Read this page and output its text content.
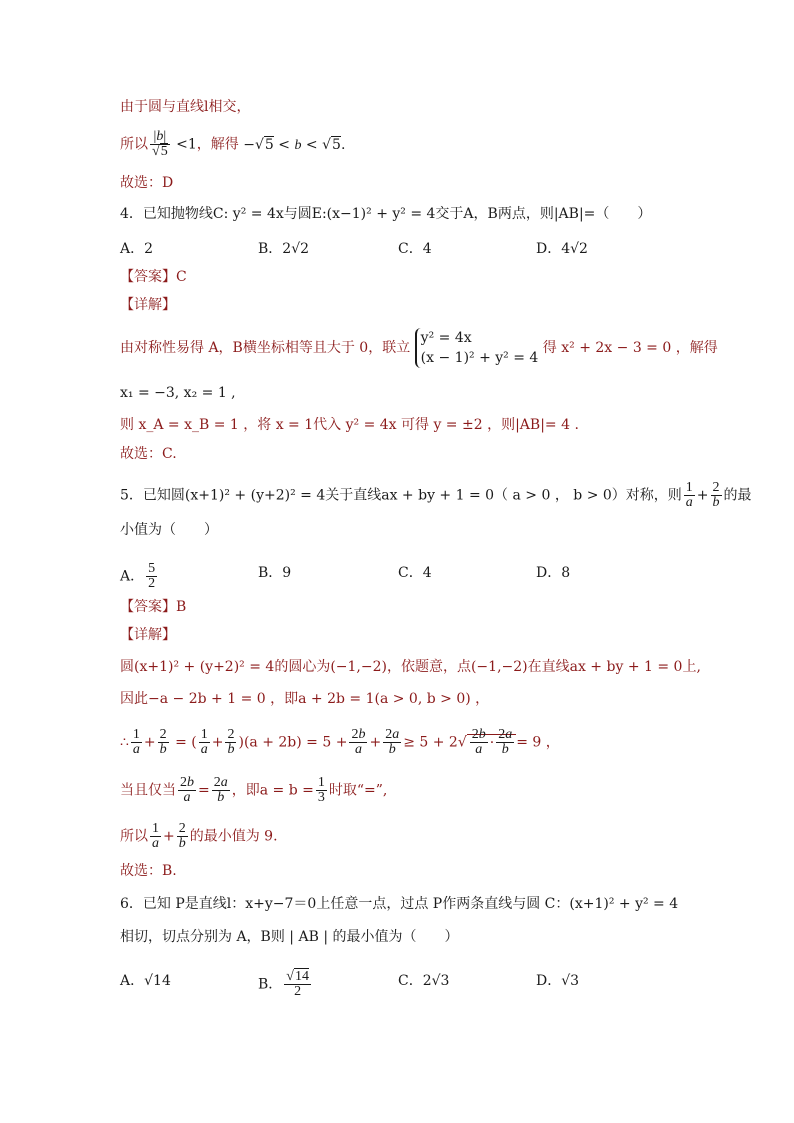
由于圆与直线l相交，
所以 $\frac{|b|}{√5} <1$，解得 −√5 < b < √5.
故选：D
4．已知抛物线C: y² = 4x与圆E:(x−1)² + y² = 4交于A，B两点，则|AB|=（　　）
A．2	B．2√2	C．4	D．4√2
【答案】C
【详解】
由对称性易得 A，B横坐标相等且大于 0，联立
y² = 4x
(x − 1)² + y² = 4
得 x² + 2x − 3 = 0 ，解得
x₁ = −3, x₂ = 1 ,
则 x_A = x_B = 1 ，将 x = 1代入 y² = 4x 可得 y = ±2 ，则|AB|= 4 .
故选：C.
5．已知圆(x+1)² + (y+2)² = 4关于直线ax + by + 1 = 0（ a > 0 ， b > 0）对称，则 $\frac{1}{a} + \frac{2}{b}$ 的最
小值为（　　）
A． $\frac{5}{2}$	B．9	C．4	D．8
【答案】B
【详解】
圆(x+1)² + (y+2)² = 4的圆心为(−1,−2)，依题意，点(−1,−2)在直线ax + by + 1 = 0上,
因此−a − 2b + 1 = 0 ，即a + 2b = 1(a > 0, b > 0) ，
∴ $\frac{1}{a} + \frac{2}{b}$ = ( $\frac{1}{a} + \frac{2}{b} )(a + 2b) = 5 + \frac{2b}{a} + \frac{2a}{b} \ge 5 + 2√ \frac{2b}{a} \cdot \frac{2a}{b} = 9$ ，
当且仅当 $\frac{2b}{a} = \frac{2a}{b}$ ，即$a = b = \frac{1}{3}$ 时取“=”,
所以 $\frac{1}{a} + \frac{2}{b}$ 的最小值为 9.
故选：B.
6．已知 P是直线l：x+y−7＝0上任意一点，过点 P作两条直线与圆 C：(x+1)² + y² = 4
相切，切点分别为 A，B则 | AB | 的最小值为（　　）
A．√14	B． $\frac{√14}{2}$	C．2√3	D．√3
